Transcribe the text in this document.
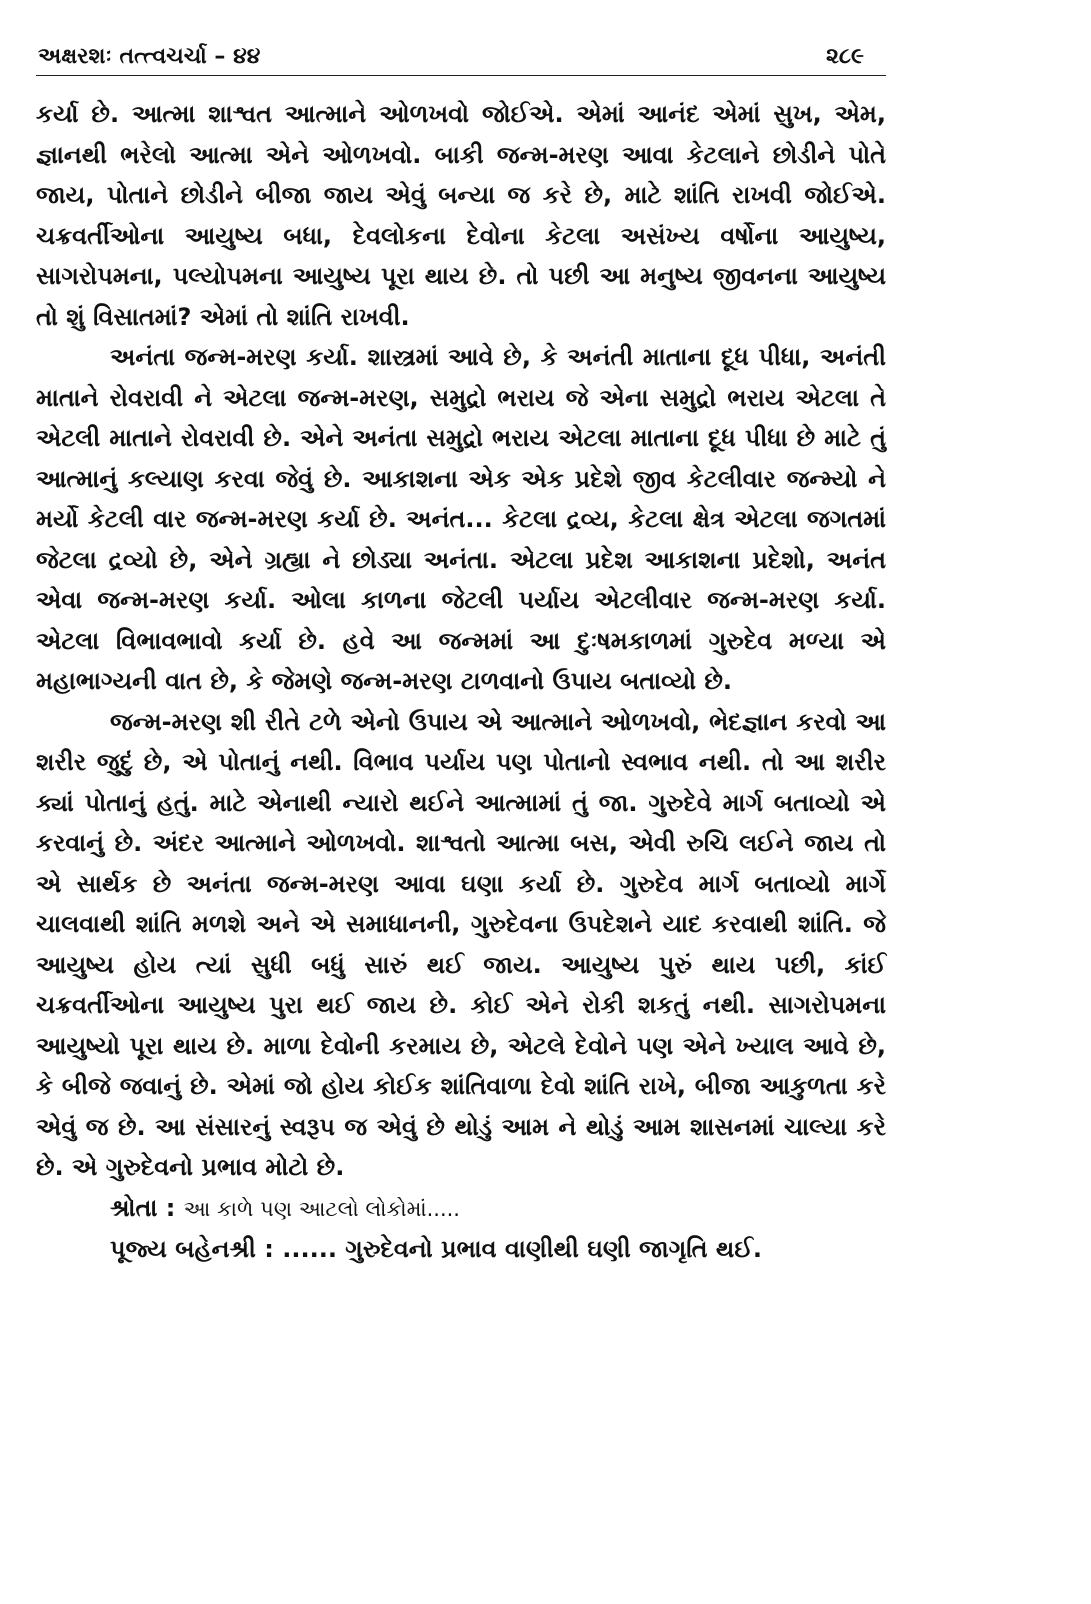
અક્ષરશઃ તત્ત્વચર્ચા – ૪૪	૨૮૯

કર્યા છે. આત્મા શાશ્વત આત્માને ઓળખવો જોઈએ. એમાં આનંદ એમાં સુખ, એમ, જ્ઞાનથી ભરેલો આત્મા એને ઓળખવો. બાકી જન્મ-મરણ આવા કેટલાને છોડીને પોતે જાય, પોતાને છોડીને બીજા જાય એવું બન્યા જ કરે છે, માટે શાંતિ રાખવી જોઈએ. ચક્રવર્તીઓના આયુષ્ય બધા, દેવલોકના દેવોના કેટલા અસંખ્ય વર્ષોના આયુષ્ય, સાગરોપમના, પલ્યોપમના આયુષ્ય પૂરા થાય છે. તો પછી આ મનુષ્ય જીવનના આયુષ્ય તો શું વિસાતમાં? એમાં તો શાંતિ રાખવી.

અનંતા જન્મ-મરણ કર્યા. શાસ્ત્રમાં આવે છે, કે અનંતી માતાના દૂધ પીધા, અનંતી માતાને રોવરાવી ને એટલા જન્મ-મરણ, સમુદ્રો ભરાય જે એના સમુદ્રો ભરાય એટલા તે એટલી માતાને રોવરાવી છે. એને અનંતા સમુદ્રો ભરાય એટલા માતાના દૂધ પીધા છે માટે તું આત્માનું કલ્યાણ કરવા જેવું છે. આકાશના એક એક પ્રદેશે જીવ કેટલીવાર જન્મ્યો ને મર્યો કેટલી વાર જન્મ-મરણ કર્યા છે. અનંત... કેટલા દ્રવ્ય, કેટલા ક્ષેત્ર એટલા જગતમાં જેટલા દ્રવ્યો છે, એને ગ્રહ્યા ને છોડ્યા અનંતા. એટલા પ્રદેશ આકાશના પ્રદેશો, અનંત એવા જન્મ-મરણ કર્યા. ઓલા કાળના જેટલી પર્યાય એટલીવાર જન્મ-મરણ કર્યા. એટલા વિભાવભાવો કર્યા છે. હવે આ જન્મમાં આ દુઃષમકાળમાં ગુરુદેવ મળ્યા એ મહાભાગ્યની વાત છે, કે જેમણે જન્મ-મરણ ટાળવાનો ઉપાય બતાવ્યો છે.

જન્મ-મરણ શી રીતે ટળે એનો ઉપાય એ આત્માને ઓળખવો, ભેદજ્ઞાન કરવો આ શરીર જુદું છે, એ પોતાનું નથી. વિભાવ પર્યાય પણ પોતાનો સ્વભાવ નથી. તો આ શરીર ક્યાં પોતાનું હતું. માટે એનાથી ન્યારો થઈને આત્મામાં તું જા. ગુરુદેવે માર્ગ બતાવ્યો એ કરવાનું છે. અંદર આત્માને ઓળખવો. શાશ્વતો આત્મા બસ, એવી રુચિ લઈને જાય તો એ સાર્થક છે અનંતા જન્મ-મરણ આવા ઘણા કર્યા છે. ગુરુદેવ માર્ગ બતાવ્યો માર્ગે ચાલવાથી શાંતિ મળશે અને એ સમાધાનની, ગુરુદેવના ઉપદેશને યાદ કરવાથી શાંતિ. જે આયુષ્ય હોય ત્યાં સુધી બધું સારું થઈ જાય. આયુષ્ય પુરું થાય પછી, કાંઈ ચક્રવર્તીઓના આયુષ્ય પુરા થઈ જાય છે. કોઈ એને રોકી શકતું નથી. સાગરોપમના આયુષ્યો પૂરા થાય છે. માળા દેવોની કરમાય છે, એટલે દેવોને પણ એને ખ્યાલ આવે છે, કે બીજે જવાનું છે. એમાં જો હોય કોઈક શાંતિવાળા દેવો શાંતિ રાખે, બીજા આકુળતા કરે એવું જ છે. આ સંસારનું સ્વરૂપ જ એવું છે થોડું આમ ને થોડું આમ શાસનમાં ચાલ્યા કરે છે. એ ગુરુદેવનો પ્રભાવ મોટો છે.

શ્રોતા : આ કાળે પણ આટલો લોકોમાં.....

પૂજ્ય બહેનશ્રી : ...... ગુરુદેવનો પ્રભાવ વાણીથી ઘણી જાગૃતિ થઈ.
